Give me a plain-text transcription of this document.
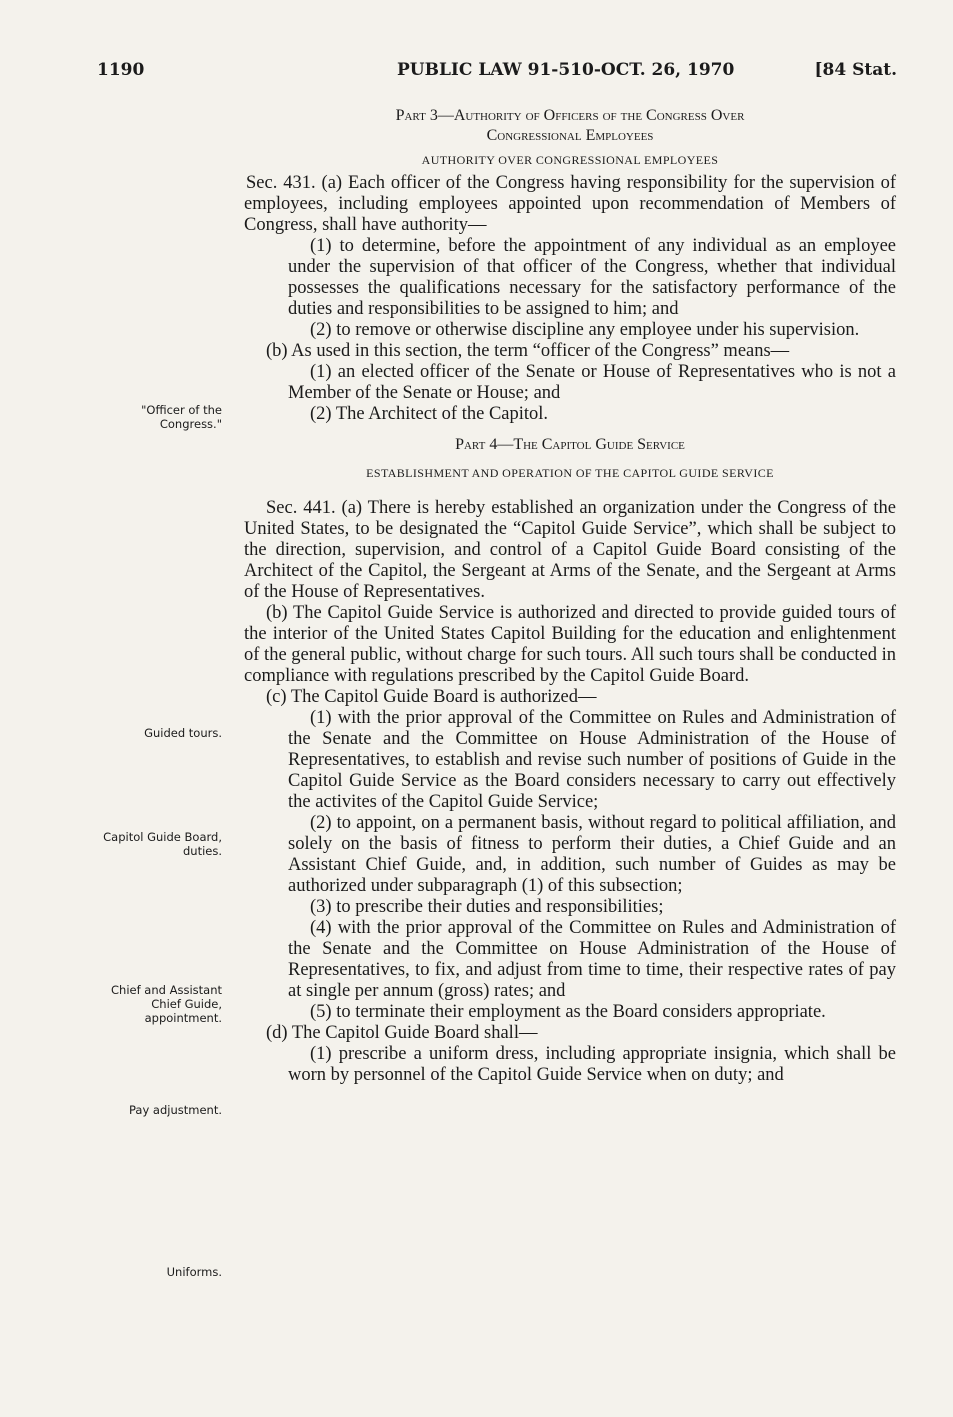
1190	PUBLIC LAW 91-510-OCT. 26, 1970	[84 Stat.
"Officer of the Congress."
Guided tours.
Capitol Guide Board, duties.
Chief and Assistant Chief Guide, appointment.
Pay adjustment.
Uniforms.
Part 3—Authority of Officers of the Congress Over
Congressional Employees
AUTHORITY OVER CONGRESSIONAL EMPLOYEES

Sec. 431. (a) Each officer of the Congress having responsibility for the supervision of employees, including employees appointed upon recommendation of Members of Congress, shall have authority—

(1) to determine, before the appointment of any individual as an employee under the supervision of that officer of the Congress, whether that individual possesses the qualifications necessary for the satisfactory performance of the duties and responsibilities to be assigned to him; and

(2) to remove or otherwise discipline any employee under his supervision.

(b) As used in this section, the term “officer of the Congress” means—

(1) an elected officer of the Senate or House of Representatives who is not a Member of the Senate or House; and

(2) The Architect of the Capitol.

Part 4—The Capitol Guide Service
ESTABLISHMENT AND OPERATION OF THE CAPITOL GUIDE SERVICE

Sec. 441. (a) There is hereby established an organization under the Congress of the United States, to be designated the “Capitol Guide Service”, which shall be subject to the direction, supervision, and control of a Capitol Guide Board consisting of the Architect of the Capitol, the Sergeant at Arms of the Senate, and the Sergeant at Arms of the House of Representatives.

(b) The Capitol Guide Service is authorized and directed to provide guided tours of the interior of the United States Capitol Building for the education and enlightenment of the general public, without charge for such tours. All such tours shall be conducted in compliance with regulations prescribed by the Capitol Guide Board.

(c) The Capitol Guide Board is authorized—

(1) with the prior approval of the Committee on Rules and Administration of the Senate and the Committee on House Administration of the House of Representatives, to establish and revise such number of positions of Guide in the Capitol Guide Service as the Board considers necessary to carry out effectively the activites of the Capitol Guide Service;

(2) to appoint, on a permanent basis, without regard to political affiliation, and solely on the basis of fitness to perform their duties, a Chief Guide and an Assistant Chief Guide, and, in addition, such number of Guides as may be authorized under subparagraph (1) of this subsection;

(3) to prescribe their duties and responsibilities;

(4) with the prior approval of the Committee on Rules and Administration of the Senate and the Committee on House Administration of the House of Representatives, to fix, and adjust from time to time, their respective rates of pay at single per annum (gross) rates; and

(5) to terminate their employment as the Board considers appropriate.

(d) The Capitol Guide Board shall—

(1) prescribe a uniform dress, including appropriate insignia, which shall be worn by personnel of the Capitol Guide Service when on duty; and
